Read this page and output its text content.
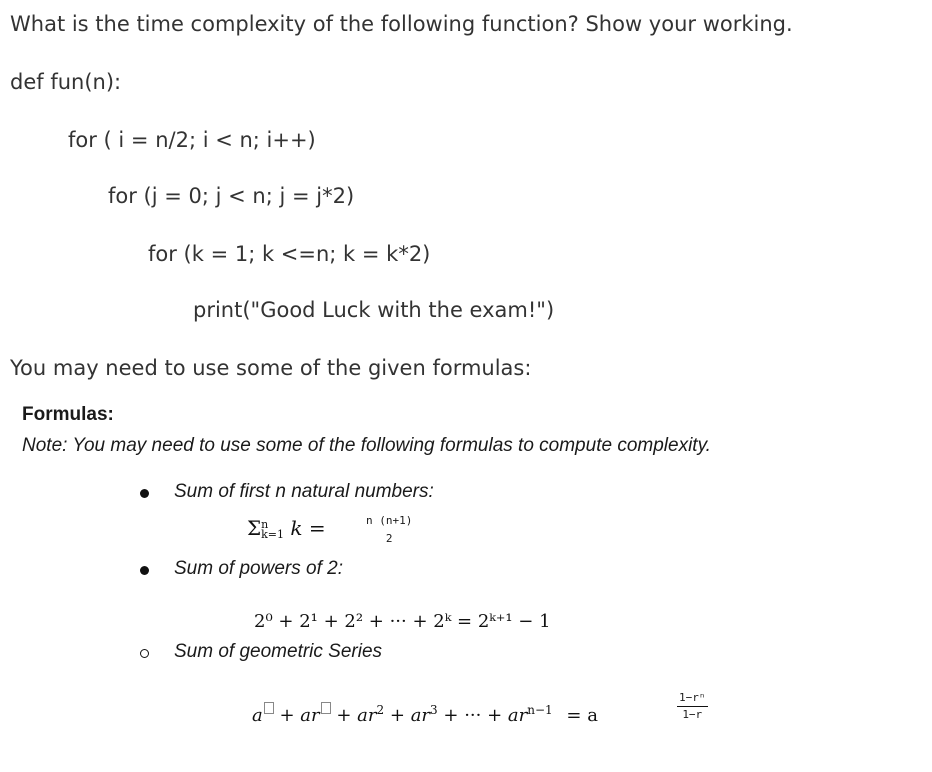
What is the time complexity of the following function? Show your working.
def fun(n):
for ( i = n/2; i < n; i++)
for (j = 0; j < n; j = j*2)
for (k = 1; k <=n; k = k*2)
print("Good Luck with the exam!")
You may need to use some of the given formulas:
Formulas:
Note: You may need to use some of the following formulas to compute complexity.
Sum of first n natural numbers:
Σ n
k=1 k =	n (n+1)
2
Sum of powers of 2:
2⁰ + 2¹ + 2² + ··· + 2ᵏ = 2ᵏ⁺¹ − 1
Sum of geometric Series
a + ar + $ar^2 + ar^3$ + ··· + $ar^{n-1} = a$
1−rⁿ
1−r
